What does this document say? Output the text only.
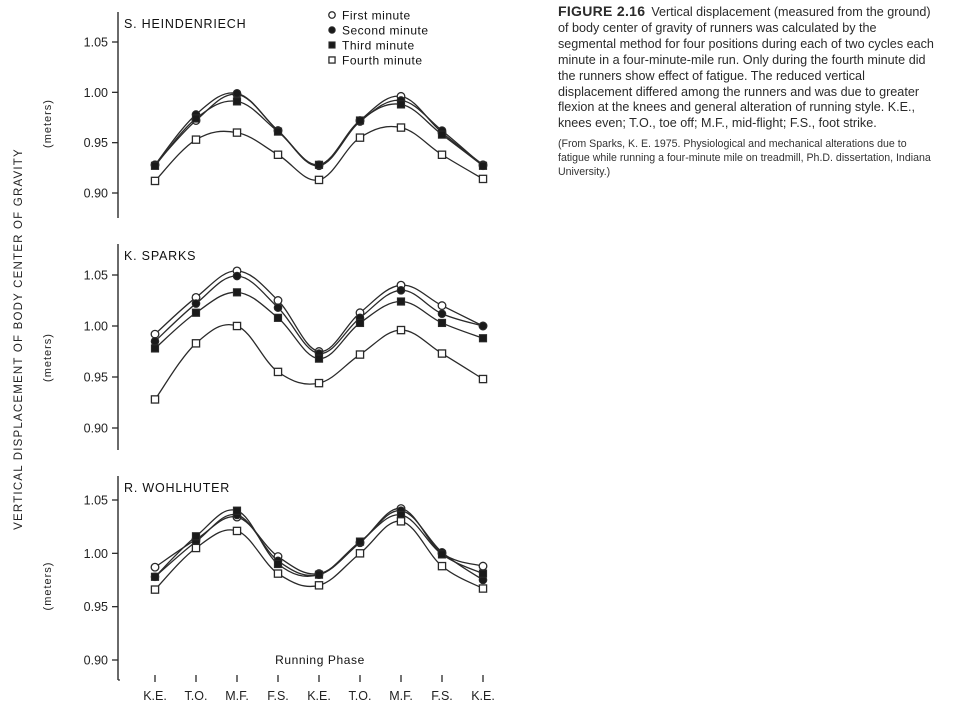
0.90
0.95
1.00
1.05
S. HEINDENRIECH
(meters)
0.90
0.95
1.00
1.05
K. SPARKS
(meters)
0.90
0.95
1.00
1.05
R. WOHLHUTER
(meters)
K.E. T.O. M.F. F.S. K.E. T.O. M.F. F.S. K.E.
First minute
Second minute
Third minute
Fourth minute
VERTICAL DISPLACEMENT OF BODY CENTER OF GRAVITY
Running Phase
FIGURE 2.16 Vertical displacement (measured from the ground) of body center of gravity of runners was calculated by the segmental method for four positions during each of two cycles each minute in a four-minute-mile run. Only during the fourth minute did the runners show effect of fatigue. The reduced vertical displacement differed among the runners and was due to greater flexion at the knees and general alteration of running style. K.E., knees even; T.O., toe off; M.F., mid-flight; F.S., foot strike.
(From Sparks, K. E. 1975. Physiological and mechanical alterations due to fatigue while running a four-minute mile on treadmill, Ph.D. dissertation, Indiana University.)
